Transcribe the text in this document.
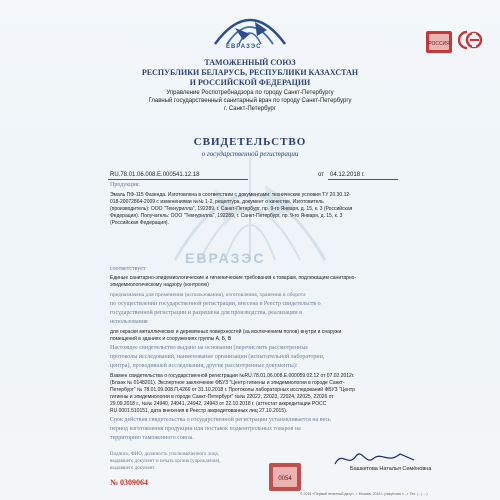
ЕВРАЗЭС
ЕВРАЗЭС	РОССИЯ
ТАМОЖЕННЫЙ СОЮЗ
РЕСПУБЛИКИ БЕЛАРУСЬ, РЕСПУБЛИКИ КАЗАХСТАН
И РОССИЙСКОЙ ФЕДЕРАЦИИ
Управление Роспотребнадзора по городу Санкт-Петербургу
Главный государственный санитарный врач по городу Санкт-Петербургу
г. Санкт-Петербург
СВИДЕТЕЛЬСТВО
о государственной регистрации
RU.78.01.06.008.Е.000541.12.18	от 04.12.2018 г.
Продукция:
Эмаль ПФ-115 Фазенда. Изготовлена в соответствии с документами: технические условия ТУ 20.30.12-
018-20072864-2009 с изменениями №№ 1-2, рецептура, документ о качестве. Изготовитель
(производитель): ООО "Текнурилла", 192289, г. Санкт-Петербург, пр. 9-го Января, д. 15, к. 3 (Российская
Федерация). Получатель: ООО "Текнурилла", 192289, г. Санкт-Петербург, пр. 9-го Января, д. 15, к. 3
(Российская Федерация).
соответствует
Единые санитарно-эпидемиологические и гигиенические требования к товарам, подлежащим санитарно-
эпидемиологическому надзору (контролю)
предназначена для применения (использования), изготовления, хранения и оборота
по осуществлении государственной регистрации, внесена в Реестр свидетельств о
государственной регистрации и разрешена для производства, реализации и
использования
для окраски металлических и деревянных поверхностей (за исключением полов) внутри и снаружи
помещений в зданиях и сооружениях группы А, Б, В
Настоящее свидетельство выдано на основании (перечислить рассмотренные
протоколы исследований, наименование организации (испытательной лаборатории,
центра), проводившей исследования, другие рассмотренные документы):
Взамен свидетельства о государственной регистрации №RU.78.01.06.008.Е.000059.02.12 от 07.02.2012г.
(Бланк № 0148201). Экспертное заключение ФБУЗ "Центр гигиены и эпидемиологии в городе Санкт-
Петербург" № 78.01.09.008.П.4266 от 31.10.2018 г. Протоколы лабораторных исследований ФБУЗ "Центр
гигиены и эпидемиологии в городе Санкт-Петербург" №№ 22022, 22023, 22024, 22025, 22026 от
29.09.2018 г., №№ 24940, 24941, 24942, 24943 от 22.10.2018 г. (аттестат аккредитации РОСС
RU.0001.510151, дата внесения в Реестр аккредитованных лиц 27.10.2015).
Срок действия свидетельства о государственной регистрации устанавливается на весь
период изготовления продукции или поставок подконтрольных товаров на
территорию таможенного союза.
Подпись, ФИО, должность уполномоченного лица,
выдавшего документ и печать органа (учреждения),
выдавшего документ	Башкетова Наталья Семёновна
0054
№ 0309064
© 2018 «Первый печатный двор», г. Москва, 2018 г. (лицензия «...» Тел. (...) ...)
